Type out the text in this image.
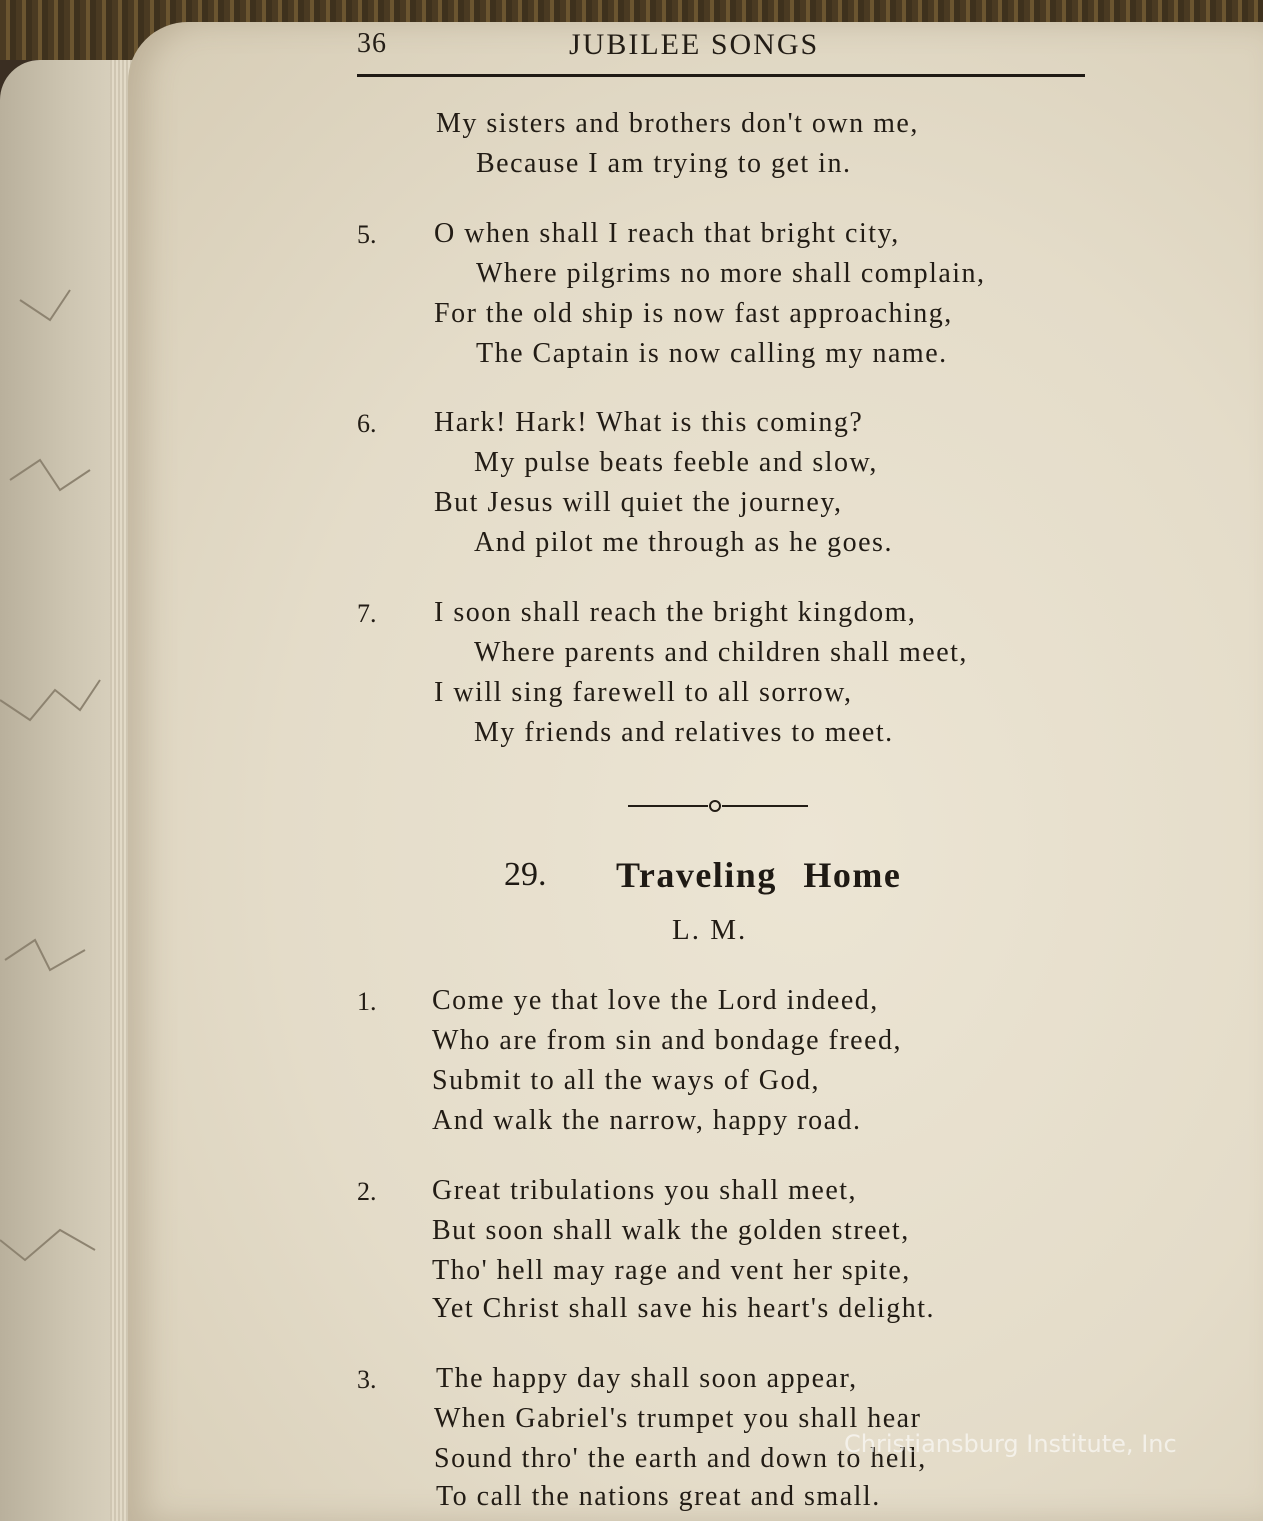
36	JUBILEE SONGS
My sisters and brothers don't own me,
Because I am trying to get in.
5. O when shall I reach that bright city,
Where pilgrims no more shall complain,
For the old ship is now fast approaching,
The Captain is now calling my name.
6. Hark! Hark! What is this coming?
My pulse beats feeble and slow,
But Jesus will quiet the journey,
And pilot me through as he goes.
7. I soon shall reach the bright kingdom,
Where parents and children shall meet,
I will sing farewell to all sorrow,
My friends and relatives to meet.
29. Traveling Home
L. M.
1. Come ye that love the Lord indeed,
Who are from sin and bondage freed,
Submit to all the ways of God,
And walk the narrow, happy road.
2. Great tribulations you shall meet,
But soon shall walk the golden street,
Tho' hell may rage and vent her spite,
Yet Christ shall save his heart's delight.
3. The happy day shall soon appear,
When Gabriel's trumpet you shall hear
Sound thro' the earth and down to hell,
To call the nations great and small.
Christiansburg Institute, Inc
